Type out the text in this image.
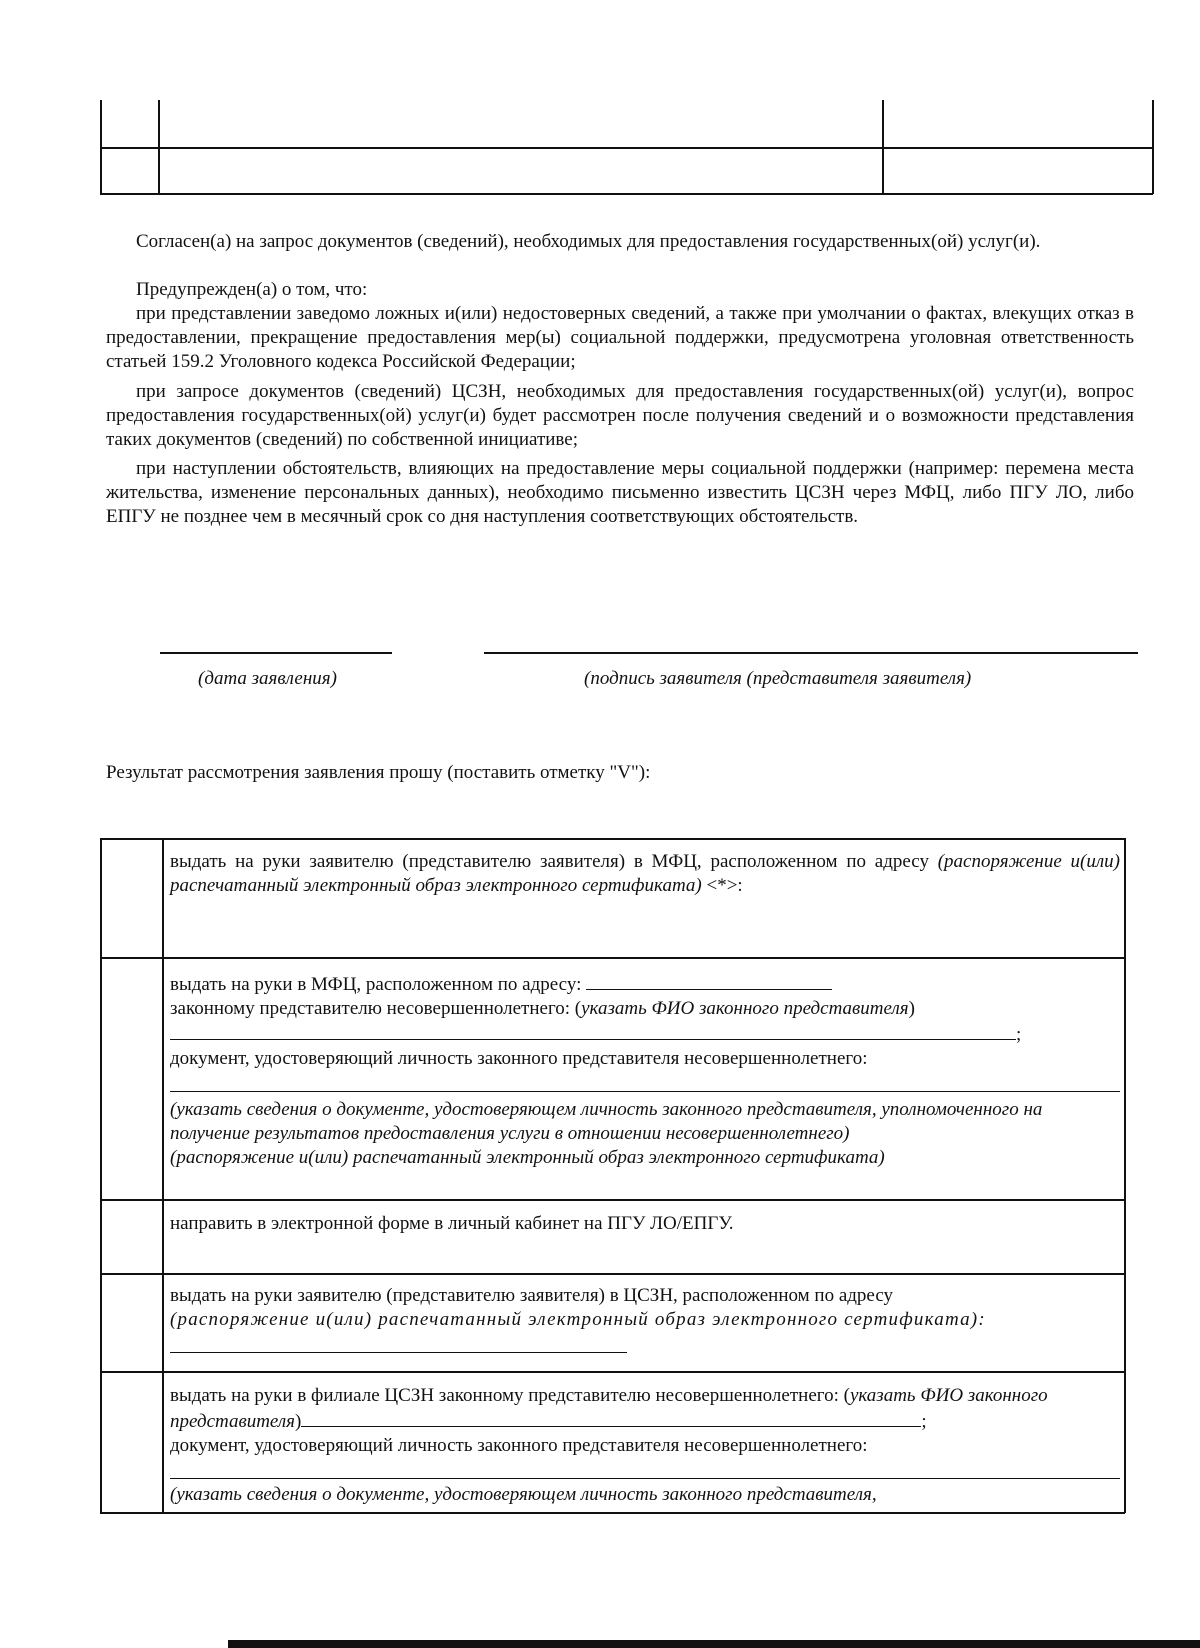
Согласен(а) на запрос документов (сведений), необходимых для предоставления государственных(ой) услуг(и).
Предупрежден(а) о том, что:
при представлении заведомо ложных и(или) недостоверных сведений, а также при умолчании о фактах, влекущих отказ в предоставлении, прекращение предоставления мер(ы) социальной поддержки, предусмотрена уголовная ответственность статьей 159.2 Уголовного кодекса Российской Федерации;
при запросе документов (сведений) ЦСЗН, необходимых для предоставления государственных(ой) услуг(и), вопрос предоставления государственных(ой) услуг(и) будет рассмотрен после получения сведений и о возможности представления таких документов (сведений) по собственной инициативе;
при наступлении обстоятельств, влияющих на предоставление меры социальной поддержки (например: перемена места жительства, изменение персональных данных), необходимо письменно известить ЦСЗН через МФЦ, либо ПГУ ЛО, либо ЕПГУ не позднее чем в месячный срок со дня наступления соответствующих обстоятельств.
(дата заявления)	(подпись заявителя (представителя заявителя)
Результат рассмотрения заявления прошу (поставить отметку "V"):
выдать на руки заявителю (представителю заявителя) в МФЦ, расположенном по адресу (распоряжение и(или) распечатанный электронный образ электронного сертификата) <*>:
выдать на руки в МФЦ, расположенном по адресу:
законному представителю несовершеннолетнего: (указать ФИО законного представителя)
;
документ, удостоверяющий личность законного представителя несовершеннолетнего:
(указать сведения о документе, удостоверяющем личность законного представителя, уполномоченного на получение результатов предоставления услуги в отношении несовершеннолетнего)
(распоряжение и(или) распечатанный электронный образ электронного сертификата)
направить в электронной форме в личный кабинет на ПГУ ЛО/ЕПГУ.
выдать на руки заявителю (представителю заявителя) в ЦСЗН, расположенном по адресу
(распоряжение и(или) распечатанный электронный образ электронного сертификата):
выдать на руки в филиале ЦСЗН законному представителю несовершеннолетнего: (указать ФИО законного представителя)	;
документ, удостоверяющий личность законного представителя несовершеннолетнего:
(указать сведения о документе, удостоверяющем личность законного представителя,
